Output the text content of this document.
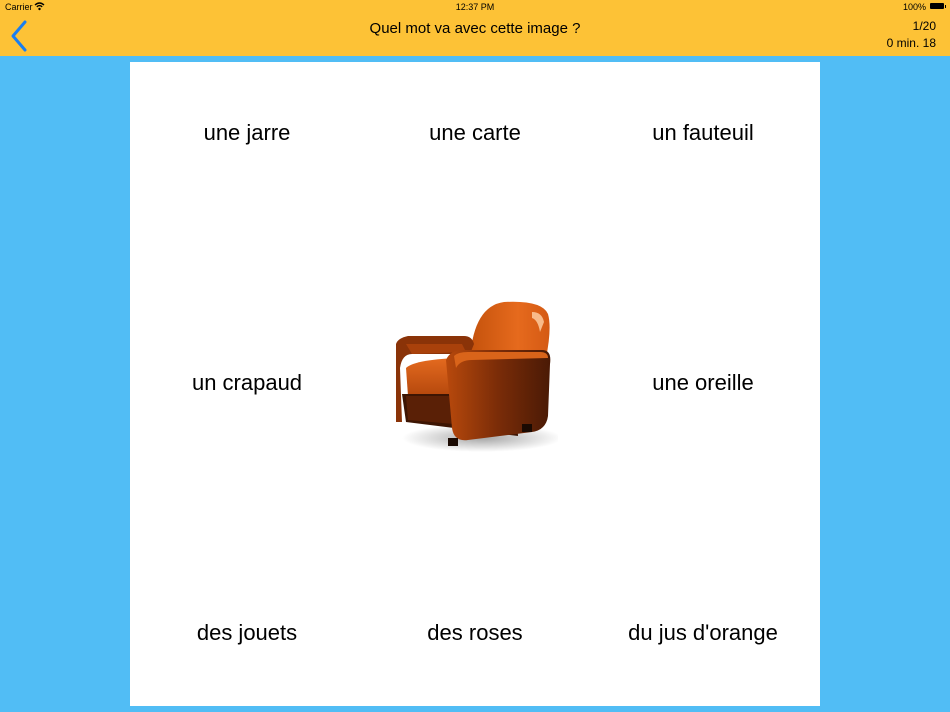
Carrier	12:37 PM	100%
Quel mot va avec cette image ?	1/20
0 min. 18
une jarre	une carte	un fauteuil
un crapaud	une oreille
des jouets	des roses	du jus d'orange
